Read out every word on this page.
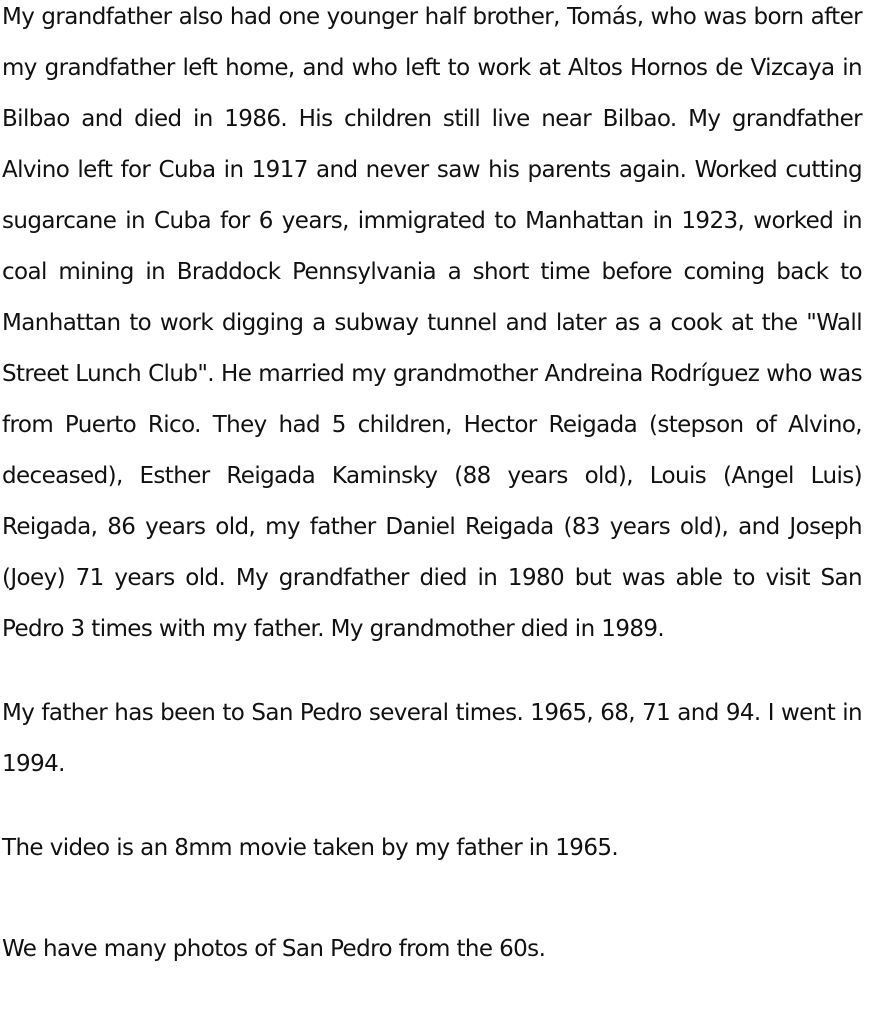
My grandfather also had one younger half brother, Tomás, who was born after my grandfather left home, and who left to work at Altos Hornos de Vizcaya in Bilbao and died in 1986. His children still live near Bilbao. My grandfather Alvino left for Cuba in 1917 and never saw his parents again. Worked cutting sugarcane in Cuba for 6 years, immigrated to Manhattan in 1923, worked in coal mining in Braddock Pennsylvania a short time before coming back to Manhattan to work digging a subway tunnel and later as a cook at the "Wall Street Lunch Club". He married my grandmother Andreina Rodríguez who was from Puerto Rico. They had 5 children, Hector Reigada (stepson of Alvino, deceased), Esther Reigada Kaminsky (88 years old), Louis (Angel Luis) Reigada, 86 years old, my father Daniel Reigada (83 years old), and Joseph (Joey) 71 years old. My grandfather died in 1980 but was able to visit San Pedro 3 times with my father. My grandmother died in 1989.

My father has been to San Pedro several times. 1965, 68, 71 and 94. I went in 1994.

The video is an 8mm movie taken by my father in 1965.

We have many photos of San Pedro from the 60s.
